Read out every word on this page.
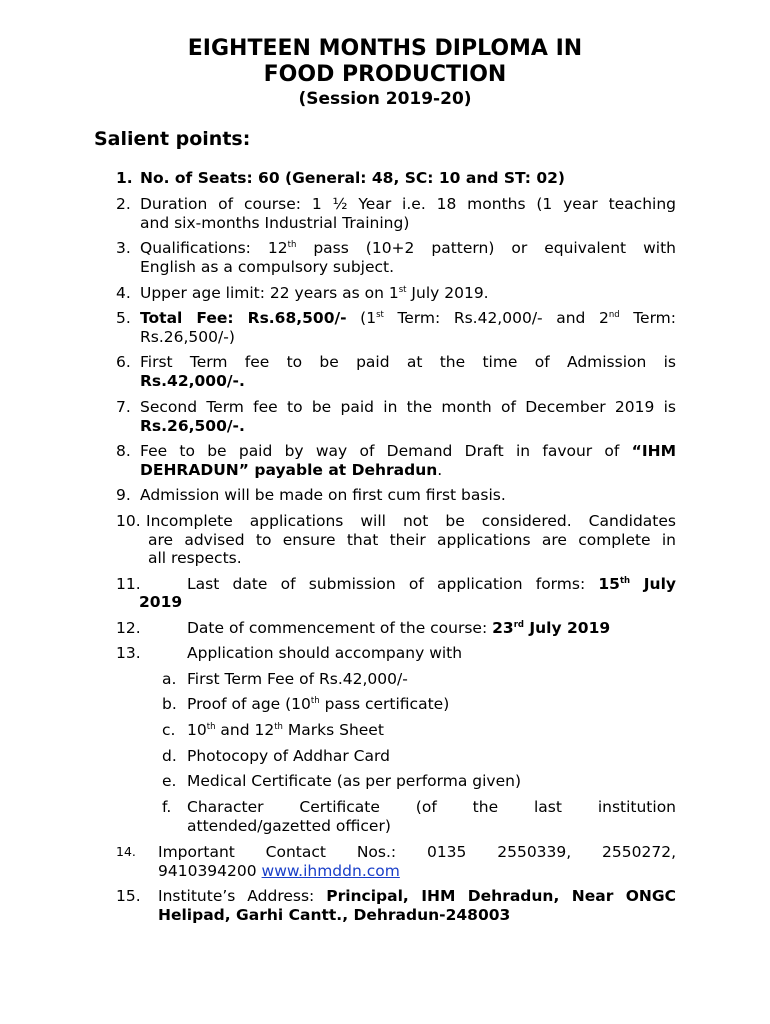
EIGHTEEN MONTHS DIPLOMA IN
FOOD PRODUCTION
(Session 2019-20)
Salient points:
1. No. of Seats: 60 (General: 48, SC: 10 and ST: 02)
2. Duration of course: 1 ½ Year i.e. 18 months (1 year teaching
and six-months Industrial Training)
3. Qualifications: 12th pass (10+2 pattern) or equivalent with
English as a compulsory subject.
4. Upper age limit: 22 years as on 1st July 2019.
5. Total Fee: Rs.68,500/- (1st Term: Rs.42,000/- and 2nd Term:
Rs.26,500/-)
6. First Term fee to be paid at the time of Admission is
Rs.42,000/-.
7. Second Term fee to be paid in the month of December 2019 is
Rs.26,500/-.
8. Fee to be paid by way of Demand Draft in favour of “IHM
DEHRADUN” payable at Dehradun.
9. Admission will be made on first cum first basis.
10. Incomplete applications will not be considered. Candidates
are advised to ensure that their applications are complete in
all respects.
11.	Last date of submission of application forms: 15th July
2019
12.	Date of commencement of the course: 23rd July 2019
13.	Application should accompany with
a. First Term Fee of Rs.42,000/-
b. Proof of age (10th pass certificate)
c. 10th and 12th Marks Sheet
d. Photocopy of Addhar Card
e. Medical Certificate (as per performa given)
f. Character Certificate (of the last institution
attended/gazetted officer)
14. Important Contact Nos.: 0135 2550339, 2550272,
9410394200 www.ihmddn.com
15. Institute’s Address: Principal, IHM Dehradun, Near ONGC
Helipad, Garhi Cantt., Dehradun-248003
